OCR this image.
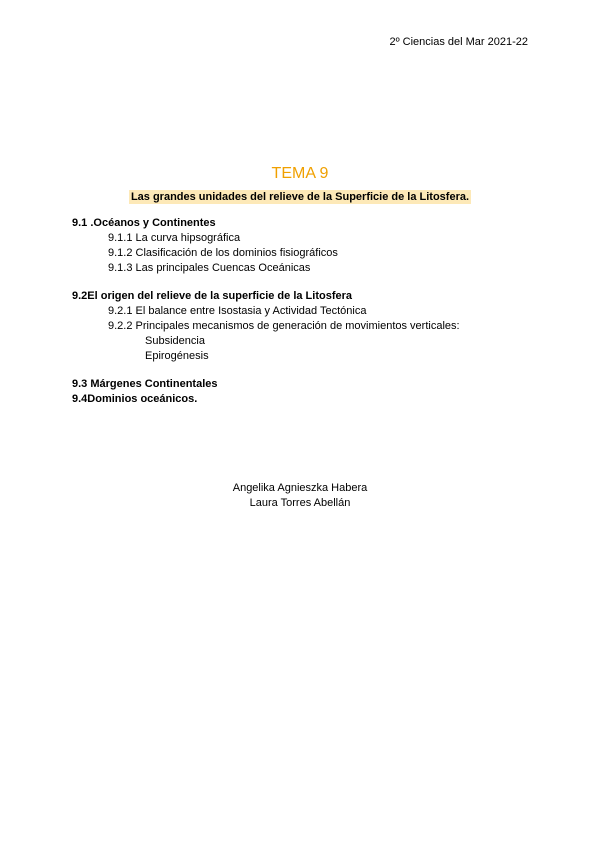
2º Ciencias del Mar 2021-22
TEMA 9
Las grandes unidades del relieve de la Superficie de la Litosfera.
9.1 .Océanos y Continentes
9.1.1 La curva hipsográfica
9.1.2 Clasificación de los dominios fisiográficos
9.1.3 Las principales Cuencas Oceánicas
9.2El origen del relieve de la superficie de la Litosfera
9.2.1 El balance entre Isostasia y Actividad Tectónica
9.2.2 Principales mecanismos de generación de movimientos verticales:
Subsidencia
Epirogénesis
9.3 Márgenes Continentales
9.4Dominios oceánicos.
Angelika Agnieszka Habera
Laura Torres Abellán
